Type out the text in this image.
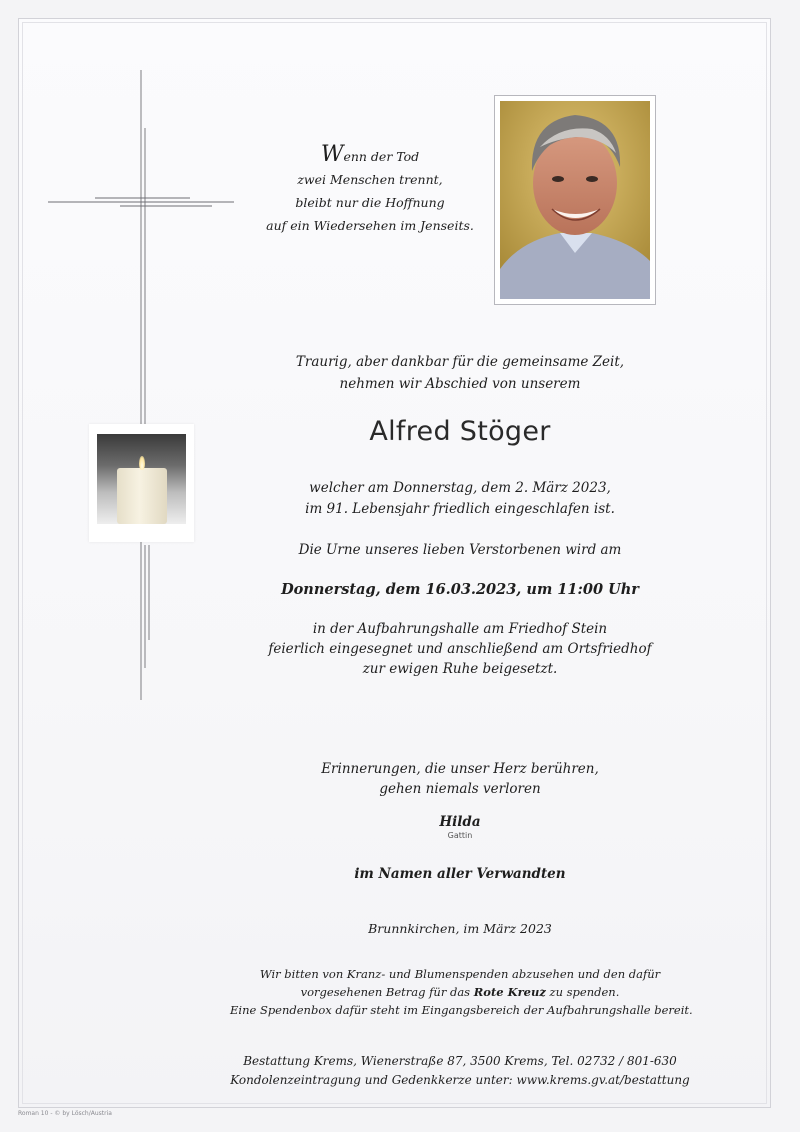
Wenn der Tod
zwei Menschen trennt,
bleibt nur die Hoffnung
auf ein Wiedersehen im Jenseits.
Traurig, aber dankbar für die gemeinsame Zeit,
nehmen wir Abschied von unserem
Alfred Stöger
welcher am Donnerstag, dem 2. März 2023,
im 91. Lebensjahr friedlich eingeschlafen ist.
Die Urne unseres lieben Verstorbenen wird am
Donnerstag, dem 16.03.2023, um 11:00 Uhr
in der Aufbahrungshalle am Friedhof Stein
feierlich eingesegnet und anschließend am Ortsfriedhof
zur ewigen Ruhe beigesetzt.
Erinnerungen, die unser Herz berühren,
gehen niemals verloren
Hilda
Gattin
im Namen aller Verwandten
Brunnkirchen, im März 2023
Wir bitten von Kranz- und Blumenspenden abzusehen und den dafür
vorgesehenen Betrag für das Rote Kreuz zu spenden.
Eine Spendenbox dafür steht im Eingangsbereich der Aufbahrungshalle bereit.
Bestattung Krems, Wienerstraße 87, 3500 Krems, Tel. 02732 / 801-630
Kondolenzeintragung und Gedenkkerze unter: www.krems.gv.at/bestattung
Roman 10 - © by Lösch/Austria
